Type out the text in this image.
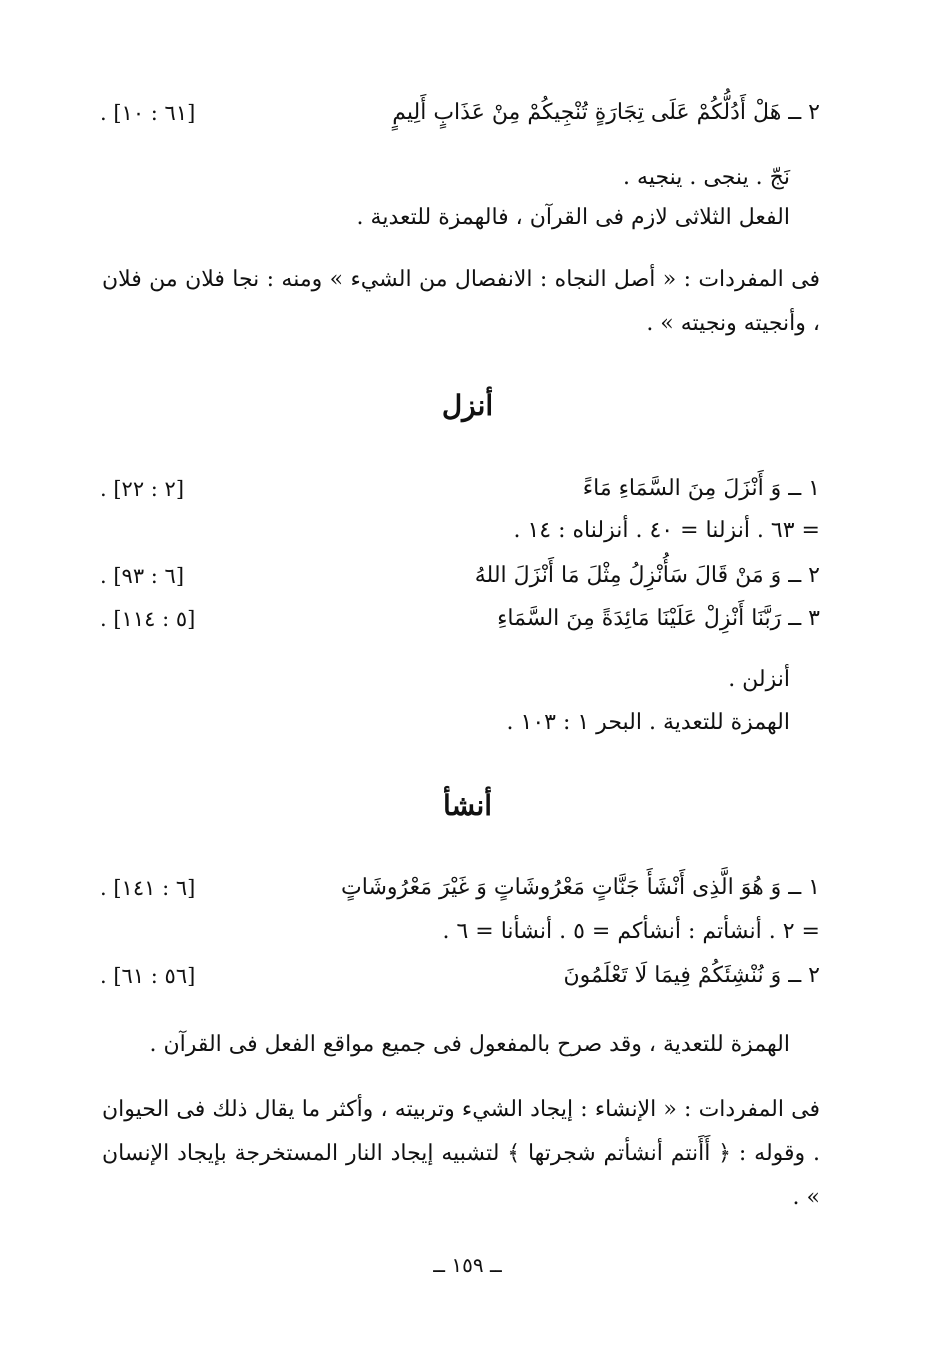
٢ ــ هَلْ أَدُلُّكُمْ عَلَى تِجَارَةٍ تُنْجِيكُمْ مِنْ عَذَابٍ أَلِيمٍ
[٦١ : ١٠] .
نَجّ . ينجى . ينجيه .
الفعل الثلاثى لازم فى القرآن ، فالهمزة للتعدية .
فى المفردات : « أصل النجاه : الانفصال من الشيء » ومنه : نجا فلان من فلان ، وأنجيته ونجيته » .
أنزل
١ ــ وَ أَنْزَلَ مِنَ السَّمَاءِ مَاءً
[٢ : ٢٢] .
= ٦٣ . أنزلنا = ٤٠ . أنزلناه : ١٤ .
٢ ــ وَ مَنْ قَالَ سَأُنْزِلُ مِثْلَ مَا أَنْزَلَ اللهُ
[٦ : ٩٣] .
٣ ــ رَبَّنَا أَنْزِلْ عَلَيْنَا مَائِدَةً مِنَ السَّمَاءِ
[٥ : ١١٤] .
أنزلن .
الهمزة للتعدية . البحر ١ : ١٠٣ .
أنشأ
١ ــ وَ هُوَ الَّذِى أَنْشَأَ جَنَّاتٍ مَعْرُوشَاتٍ وَ غَيْرَ مَعْرُوشَاتٍ
[٦ : ١٤١] .
= ٢ . أنشأتم : أنشأكم = ٥ . أنشأنا = ٦ .
٢ ــ وَ نُنْشِئَكُمْ فِيمَا لَا تَعْلَمُونَ
[٥٦ : ٦١] .
الهمزة للتعدية ، وقد صرح بالمفعول فى جميع مواقع الفعل فى القرآن .
فى المفردات : « الإنشاء : إيجاد الشيء وتربيته ، وأكثر ما يقال ذلك فى الحيوان . وقوله : ﴿ أَأَنتم أنشأتم شجرتها ﴾ لتشبيه إيجاد النار المستخرجة بإيجاد الإنسان » .
ــ ١٥٩ ــ
